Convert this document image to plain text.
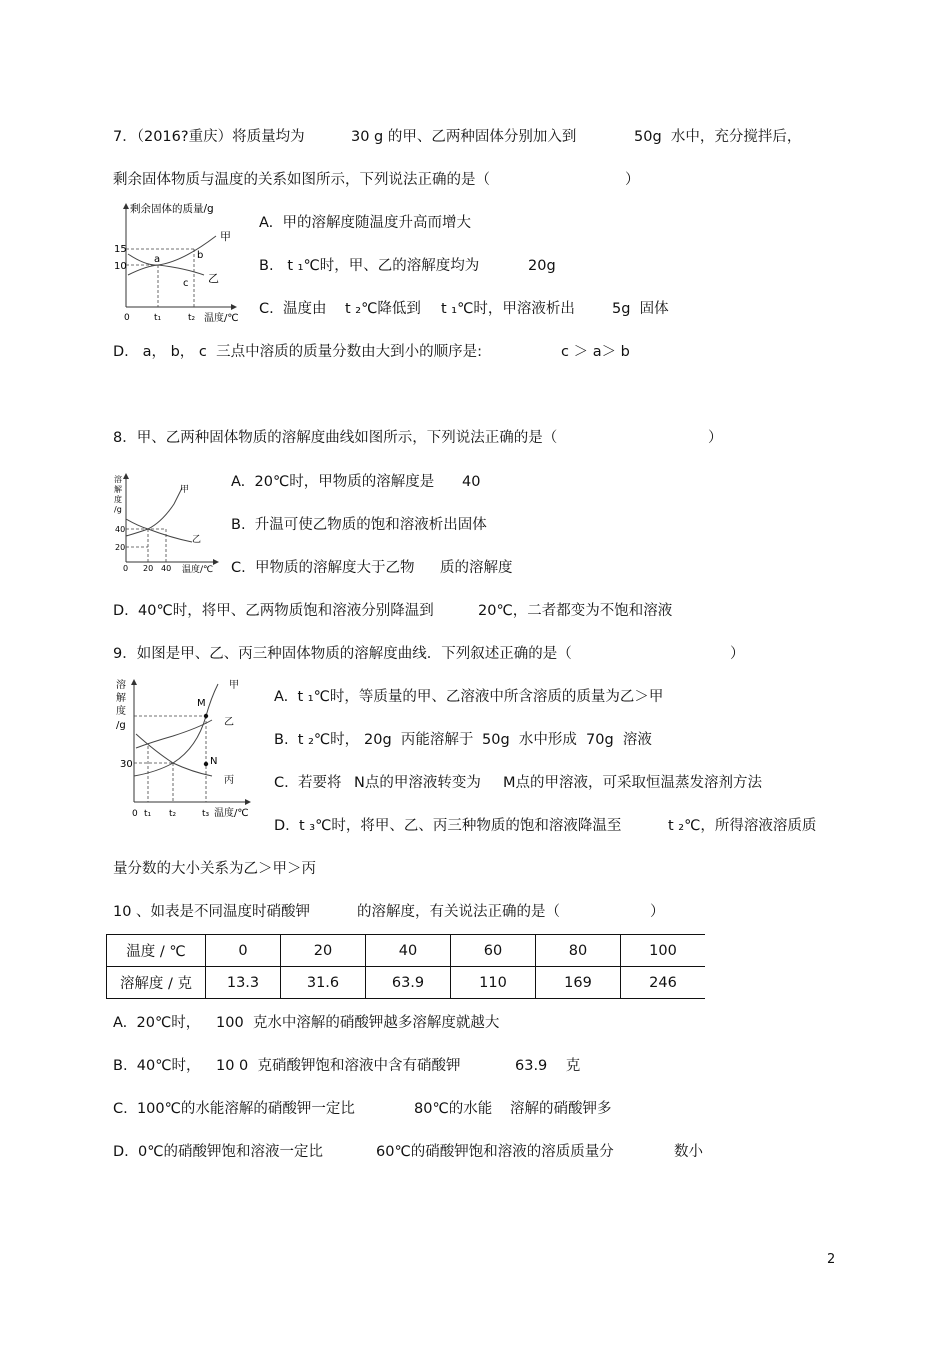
7．（2016?重庆）将质量均为	30 g 的甲、乙两种固体分别加入到	50g  水中，充分搅拌后，
剩余固体物质与温度的关系如图所示，下列说法正确的是（	）
剩余固体的质量/g
15
10
0	t₁	t₂ 温度/℃
甲
乙
a	b
c
A.  甲的溶解度随温度升高而增大
B.   t ₁℃时，甲、乙的溶解度均为	20g
C.  温度由 t ₂℃降低到 t ₁℃时，甲溶液析出	5g  固体
D.   a， b， c  三点中溶质的质量分数由大到小的顺序是:	c ＞ a＞ b
8．甲、乙两种固体物质的溶解度曲线如图所示，下列说法正确的是（	）
溶
解
度
/g
40
20
0 20 40 温度/℃
甲
乙
A.  20℃时，甲物质的溶解度是 40
B.  升温可使乙物质的饱和溶液析出固体
C.  甲物质的溶解度大于乙物 质的溶解度
D.  40℃时，将甲、乙两物质饱和溶液分别降温到	20℃，二者都变为不饱和溶液
9．如图是甲、乙、丙三种固体物质的溶解度曲线．下列叙述正确的是（	）
溶
解
度
/g
30
0 t₁ t₂	t₃ 温度/℃
甲
乙
丙
M
N
A.  t ₁℃时，等质量的甲、乙溶液中所含溶质的质量为乙＞甲
B.  t ₂℃时， 20g  丙能溶解于 50g  水中形成 70g  溶液
C.  若要将 N点的甲溶液转变为 M点的甲溶液，可采取恒温蒸发溶剂方法
D.  t ₃℃时，将甲、乙、丙三种物质的饱和溶液降温至	t ₂℃，所得溶液溶质质
量分数的大小关系为乙＞甲＞丙
10 、如表是不同温度时硝酸钾	的溶解度，有关说法正确的是（	）
温度 / ℃	0	20	40	60	80	100
溶解度 / 克	13.3	31.6	63.9	110	169	246
A.  20℃时， 100  克水中溶解的硝酸钾越多溶解度就越大
B.  40℃时， 10 0  克硝酸钾饱和溶液中含有硝酸钾	63.9    克
C.  100℃的水能溶解的硝酸钾一定比	80℃的水能 溶解的硝酸钾多
D.  0℃的硝酸钾饱和溶液一定比	60℃的硝酸钾饱和溶液的溶质质量分	数小
2
